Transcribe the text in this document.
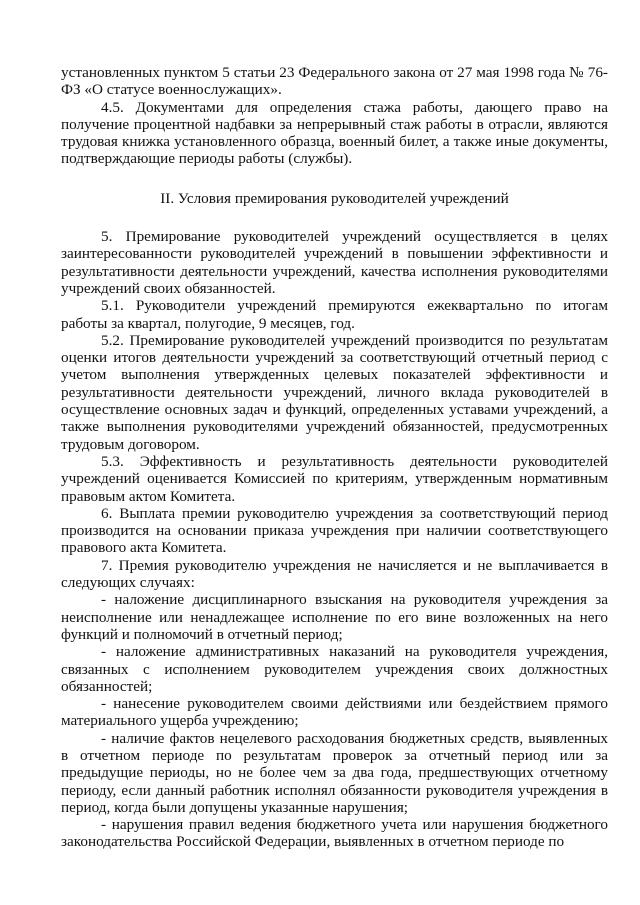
установленных пунктом 5 статьи 23 Федерального закона от 27 мая 1998 года № 76-ФЗ «О статусе военнослужащих».

4.5. Документами для определения стажа работы, дающего право на получение процентной надбавки за непрерывный стаж работы в отрасли, являются трудовая книжка установленного образца, военный билет, а также иные документы, подтверждающие периоды работы (службы).

II. Условия премирования руководителей учреждений

5. Премирование руководителей учреждений осуществляется в целях заинтересованности руководителей учреждений в повышении эффективности и результативности деятельности учреждений, качества исполнения руководителями учреждений своих обязанностей.

5.1. Руководители учреждений премируются ежеквартально по итогам работы за квартал, полугодие, 9 месяцев, год.

5.2. Премирование руководителей учреждений производится по результатам оценки итогов деятельности учреждений за соответствующий отчетный период с учетом выполнения утвержденных целевых показателей эффективности и результативности деятельности учреждений, личного вклада руководителей в осуществление основных задач и функций, определенных уставами учреждений, а также выполнения руководителями учреждений обязанностей, предусмотренных трудовым договором.

5.3. Эффективность и результативность деятельности руководителей учреждений оценивается Комиссией по критериям, утвержденным нормативным правовым актом Комитета.

6. Выплата премии руководителю учреждения за соответствующий период производится на основании приказа учреждения при наличии соответствующего правового акта Комитета.

7. Премия руководителю учреждения не начисляется и не выплачивается в следующих случаях:

- наложение дисциплинарного взыскания на руководителя учреждения за неисполнение или ненадлежащее исполнение по его вине возложенных на него функций и полномочий в отчетный период;

- наложение административных наказаний на руководителя учреждения, связанных с исполнением руководителем учреждения своих должностных обязанностей;

- нанесение руководителем своими действиями или бездействием прямого материального ущерба учреждению;

- наличие фактов нецелевого расходования бюджетных средств, выявленных в отчетном периоде по результатам проверок за отчетный период или за предыдущие периоды, но не более чем за два года, предшествующих отчетному периоду, если данный работник исполнял обязанности руководителя учреждения в период, когда были допущены указанные нарушения;

- нарушения правил ведения бюджетного учета или нарушения бюджетного законодательства Российской Федерации, выявленных в отчетном периоде по
